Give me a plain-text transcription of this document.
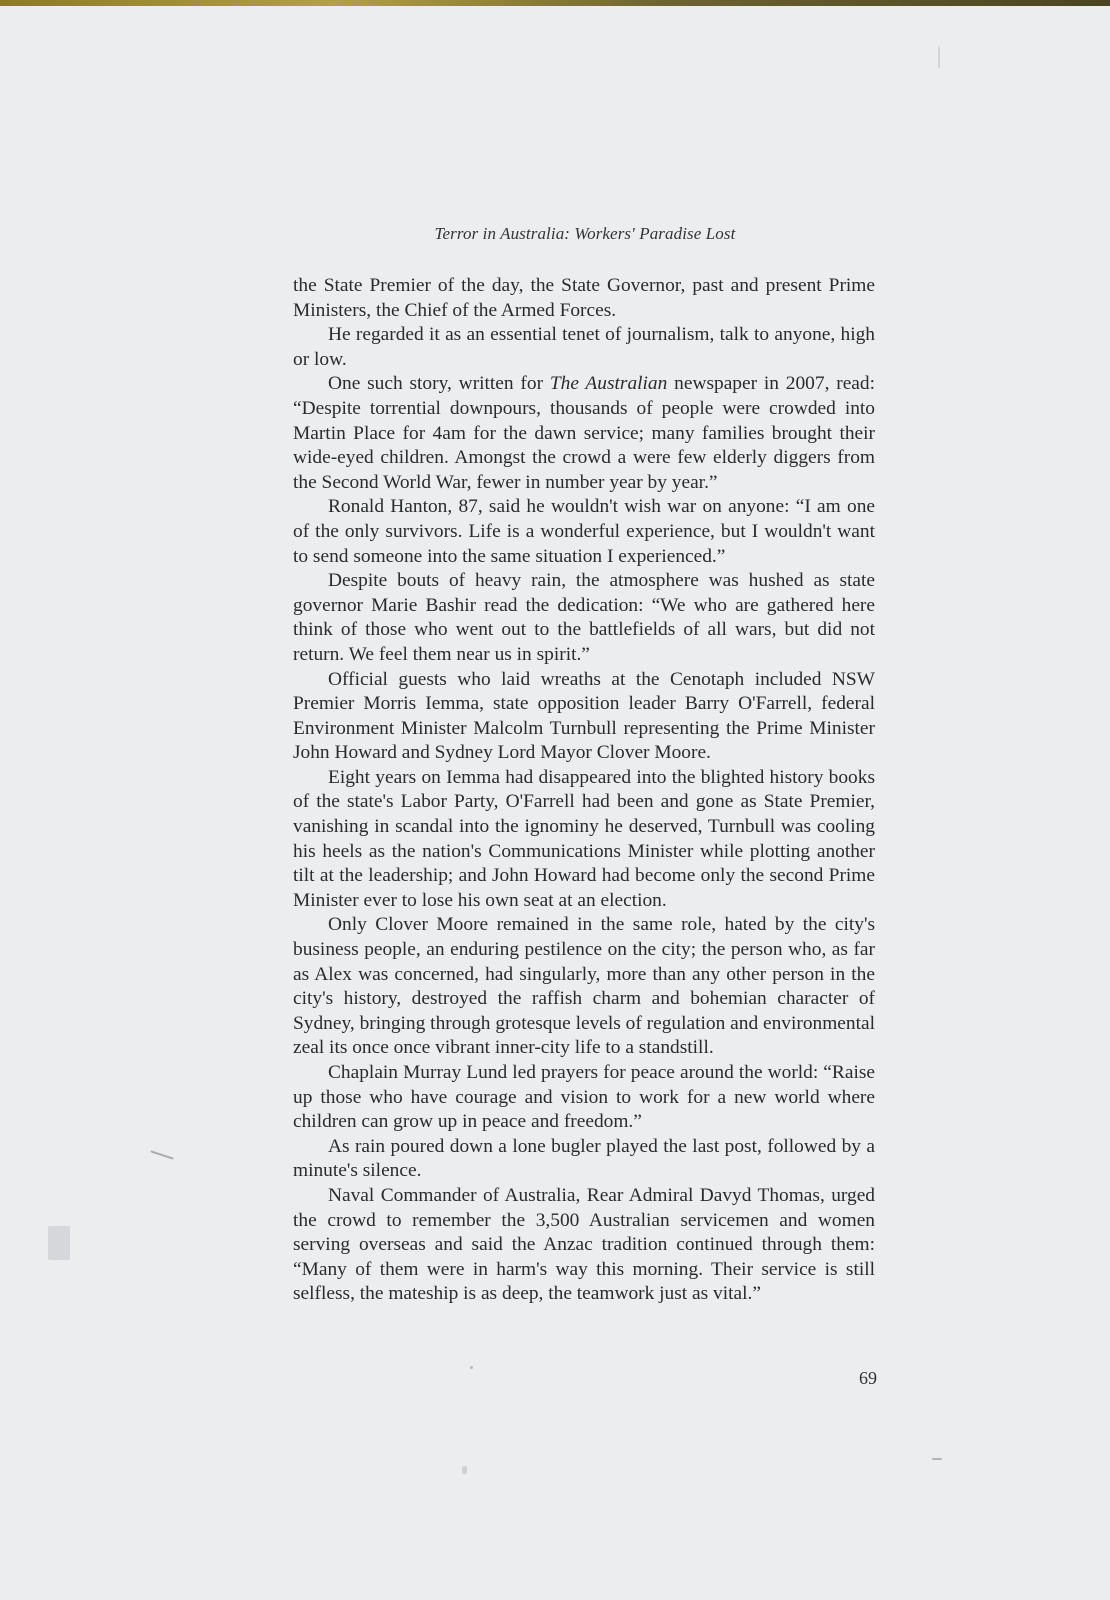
Terror in Australia: Workers' Paradise Lost

the State Premier of the day, the State Governor, past and present Prime Ministers, the Chief of the Armed Forces.

He regarded it as an essential tenet of journalism, talk to anyone, high or low.

One such story, written for The Australian newspaper in 2007, read: “Despite torrential downpours, thousands of people were crowded into Martin Place for 4am for the dawn service; many families brought their wide-eyed children. Amongst the crowd a were few elderly diggers from the Second World War, fewer in number year by year.”

Ronald Hanton, 87, said he wouldn't wish war on anyone: “I am one of the only survivors. Life is a wonderful experience, but I wouldn't want to send someone into the same situation I experienced.”

Despite bouts of heavy rain, the atmosphere was hushed as state governor Marie Bashir read the dedication: “We who are gathered here think of those who went out to the battlefields of all wars, but did not return. We feel them near us in spirit.”

Official guests who laid wreaths at the Cenotaph included NSW Premier Morris Iemma, state opposition leader Barry O'Farrell, federal Environment Minister Malcolm Turnbull representing the Prime Minister John Howard and Sydney Lord Mayor Clover Moore.

Eight years on Iemma had disappeared into the blighted history books of the state's Labor Party, O'Farrell had been and gone as State Premier, vanishing in scandal into the ignominy he deserved, Turnbull was cooling his heels as the nation's Communications Minister while plotting another tilt at the leadership; and John Howard had become only the second Prime Minister ever to lose his own seat at an election.

Only Clover Moore remained in the same role, hated by the city's business people, an enduring pestilence on the city; the person who, as far as Alex was concerned, had singularly, more than any other person in the city's history, destroyed the raffish charm and bohemian character of Sydney, bringing through grotesque levels of regulation and environmental zeal its once once vibrant inner-city life to a standstill.

Chaplain Murray Lund led prayers for peace around the world: “Raise up those who have courage and vision to work for a new world where children can grow up in peace and freedom.”

As rain poured down a lone bugler played the last post, followed by a minute's silence.

Naval Commander of Australia, Rear Admiral Davyd Thomas, urged the crowd to remember the 3,500 Australian servicemen and women serving overseas and said the Anzac tradition continued through them: “Many of them were in harm's way this morning. Their service is still selfless, the mateship is as deep, the teamwork just as vital.”

69
